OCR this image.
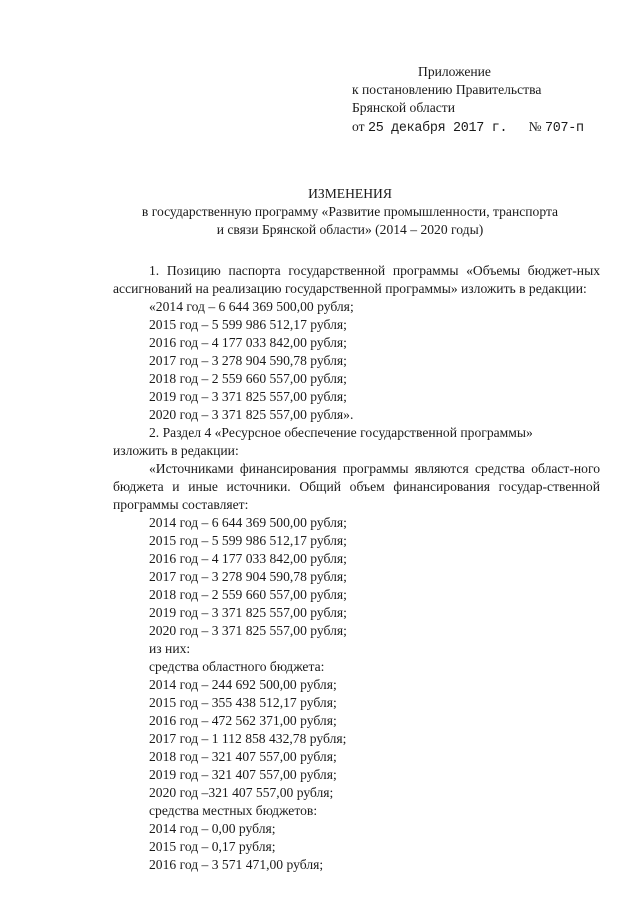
Приложение
к постановлению Правительства
Брянской области
от 25 декабря 2017 г. № 707-п
ИЗМЕНЕНИЯ
в государственную программу «Развитие промышленности, транспорта
и связи Брянской области» (2014 – 2020 годы)
1. Позицию паспорта государственной программы «Объемы бюджет-ных ассигнований на реализацию государственной программы» изложить в редакции:
«2014 год – 6 644 369 500,00 рубля;
2015 год – 5 599 986 512,17 рубля;
2016 год – 4 177 033 842,00 рубля;
2017 год – 3 278 904 590,78 рубля;
2018 год – 2 559 660 557,00 рубля;
2019 год – 3 371 825 557,00 рубля;
2020 год – 3 371 825 557,00 рубля».
2. Раздел 4 «Ресурсное обеспечение государственной программы»
изложить в редакции:
«Источниками финансирования программы являются средства област-ного бюджета и иные источники. Общий объем финансирования государ-ственной программы составляет:
2014 год – 6 644 369 500,00 рубля;
2015 год – 5 599 986 512,17 рубля;
2016 год – 4 177 033 842,00 рубля;
2017 год – 3 278 904 590,78 рубля;
2018 год – 2 559 660 557,00 рубля;
2019 год – 3 371 825 557,00 рубля;
2020 год – 3 371 825 557,00 рубля;
из них:
средства областного бюджета:
2014 год – 244 692 500,00 рубля;
2015 год – 355 438 512,17 рубля;
2016 год – 472 562 371,00 рубля;
2017 год – 1 112 858 432,78 рубля;
2018 год – 321 407 557,00 рубля;
2019 год – 321 407 557,00 рубля;
2020 год –321 407 557,00 рубля;
средства местных бюджетов:
2014 год – 0,00 рубля;
2015 год – 0,17 рубля;
2016 год – 3 571 471,00 рубля;
